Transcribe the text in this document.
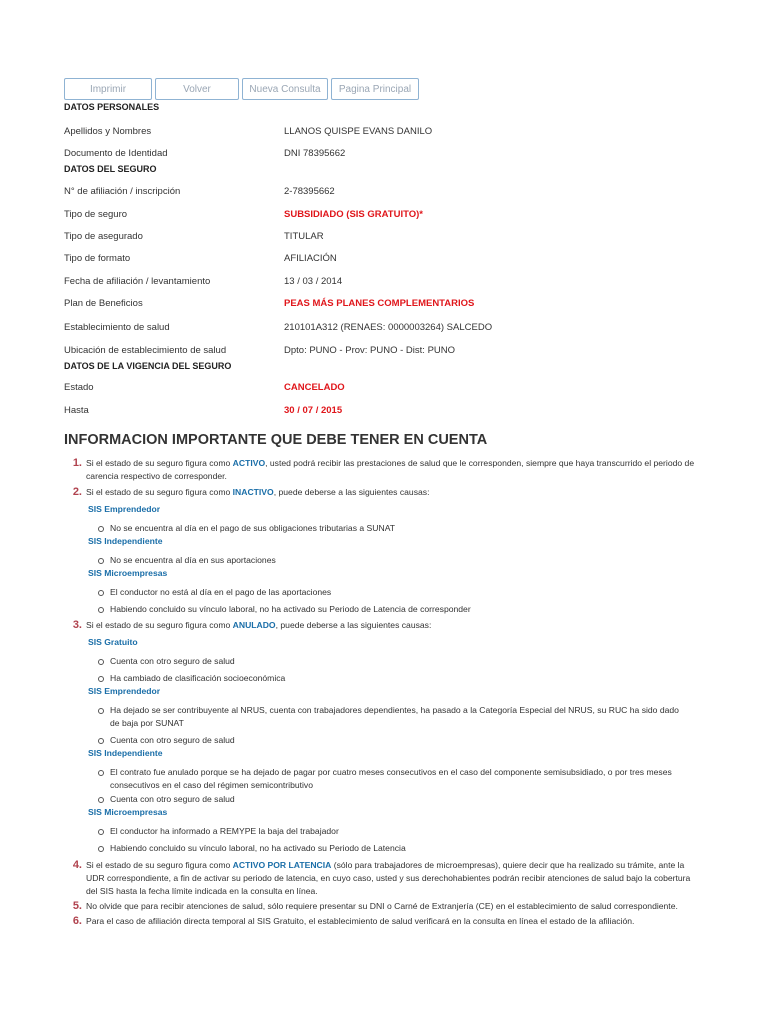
Imprimir	Volver	Nueva Consulta	Pagina Principal
DATOS PERSONALES
Apellidos y Nombres	LLANOS QUISPE EVANS DANILO
Documento de Identidad	DNI 78395662
DATOS DEL SEGURO
N° de afiliación / inscripción	2-78395662
Tipo de seguro	SUBSIDIADO (SIS GRATUITO)*
Tipo de asegurado	TITULAR
Tipo de formato	AFILIACIÓN
Fecha de afiliación / levantamiento	13 / 03 / 2014
Plan de Beneficios	PEAS MÁS PLANES COMPLEMENTARIOS
Establecimiento de salud	210101A312 (RENAES: 0000003264) SALCEDO
Ubicación de establecimiento de salud	Dpto: PUNO - Prov: PUNO - Dist: PUNO
DATOS DE LA VIGENCIA DEL SEGURO
Estado	CANCELADO
Hasta	30 / 07 / 2015
INFORMACION IMPORTANTE QUE DEBE TENER EN CUENTA
1. Si el estado de su seguro figura como ACTIVO, usted podrá recibir las prestaciones de salud que le corresponden, siempre que haya transcurrido el periodo de carencia respectivo de corresponder.
2. Si el estado de su seguro figura como INACTIVO, puede deberse a las siguientes causas:
SIS Emprendedor
No se encuentra al día en el pago de sus obligaciones tributarias a SUNAT
SIS Independiente
No se encuentra al día en sus aportaciones
SIS Microempresas
El conductor no está al día en el pago de las aportaciones
Habiendo concluido su vínculo laboral, no ha activado su Periodo de Latencia de corresponder
3. Si el estado de su seguro figura como ANULADO, puede deberse a las siguientes causas:
SIS Gratuito
Cuenta con otro seguro de salud
Ha cambiado de clasificación socioeconómica
SIS Emprendedor
Ha dejado se ser contribuyente al NRUS, cuenta con trabajadores dependientes, ha pasado a la Categoría Especial del NRUS, su RUC ha sido dado de baja por SUNAT
Cuenta con otro seguro de salud
SIS Independiente
El contrato fue anulado porque se ha dejado de pagar por cuatro meses consecutivos en el caso del componente semisubsidiado, o por tres meses consecutivos en el caso del régimen semicontributivo
Cuenta con otro seguro de salud
SIS Microempresas
El conductor ha informado a REMYPE la baja del trabajador
Habiendo concluido su vínculo laboral, no ha activado su Periodo de Latencia
4. Si el estado de su seguro figura como ACTIVO POR LATENCIA (sólo para trabajadores de microempresas), quiere decir que ha realizado su trámite, ante la UDR correspondiente, a fin de activar su periodo de latencia, en cuyo caso, usted y sus derechohabientes podrán recibir atenciones de salud bajo la cobertura del SIS hasta la fecha límite indicada en la consulta en línea.
5. No olvide que para recibir atenciones de salud, sólo requiere presentar su DNI o Carné de Extranjería (CE) en el establecimiento de salud correspondiente.
6. Para el caso de afiliación directa temporal al SIS Gratuito, el establecimiento de salud verificará en la consulta en línea el estado de la afiliación.
